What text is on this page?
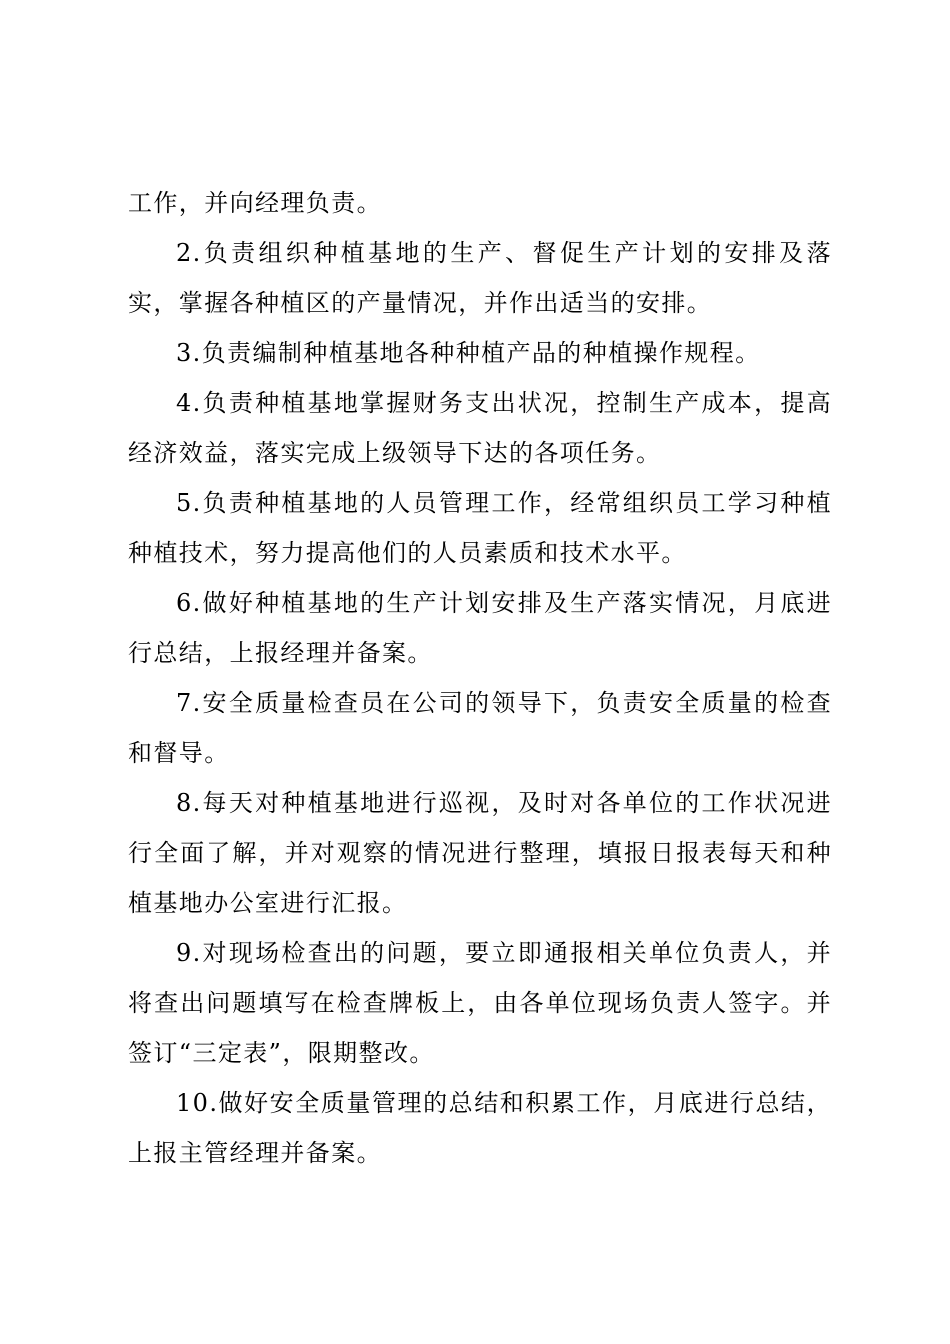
工作，并向经理负责。

2.负责组织种植基地的生产、督促生产计划的安排及落实，掌握各种植区的产量情况，并作出适当的安排。

3.负责编制种植基地各种种植产品的种植操作规程。

4.负责种植基地掌握财务支出状况，控制生产成本，提高经济效益，落实完成上级领导下达的各项任务。

5.负责种植基地的人员管理工作，经常组织员工学习种植种植技术，努力提高他们的人员素质和技术水平。

6.做好种植基地的生产计划安排及生产落实情况，月底进行总结，上报经理并备案。

7.安全质量检查员在公司的领导下，负责安全质量的检查和督导。

8.每天对种植基地进行巡视，及时对各单位的工作状况进行全面了解，并对观察的情况进行整理，填报日报表每天和种植基地办公室进行汇报。

9.对现场检查出的问题，要立即通报相关单位负责人，并将查出问题填写在检查牌板上，由各单位现场负责人签字。并签订“三定表”，限期整改。

10.做好安全质量管理的总结和积累工作，月底进行总结，上报主管经理并备案。
